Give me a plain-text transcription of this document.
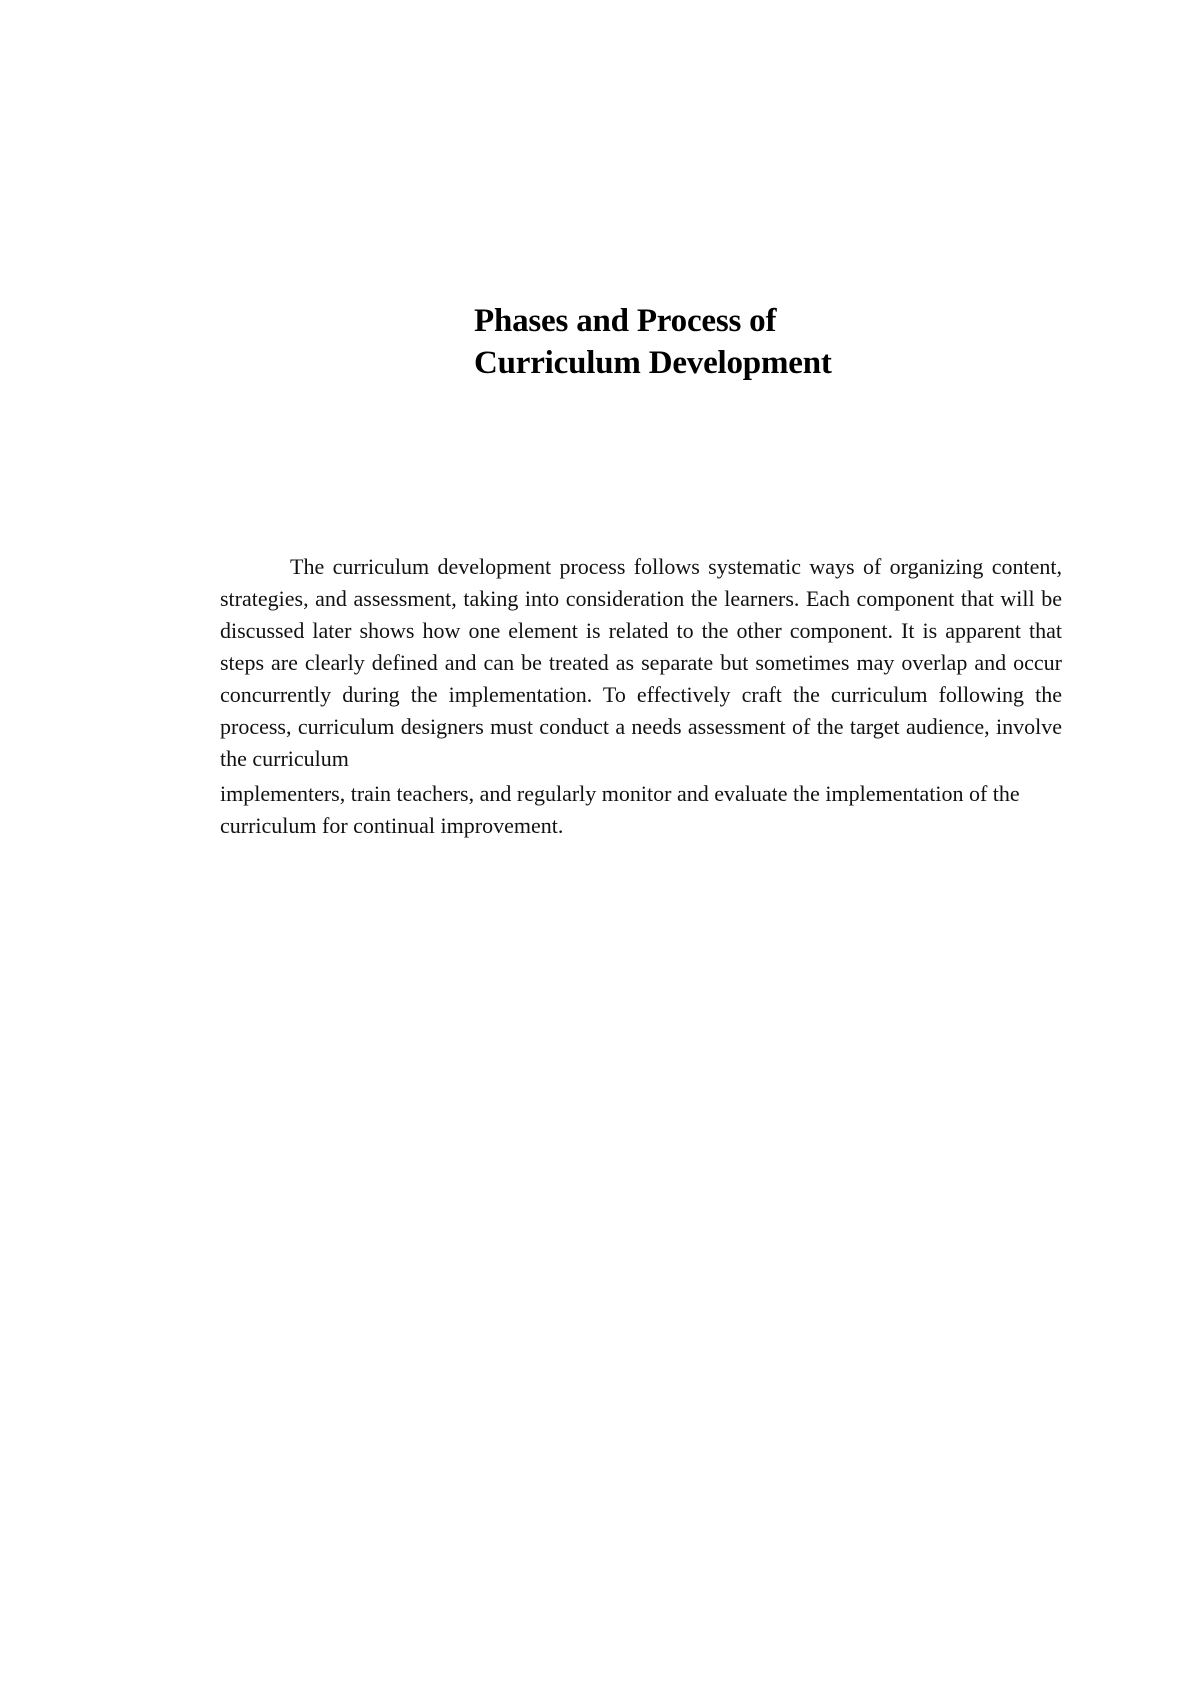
Phases and Process of
Curriculum Development

The curriculum development process follows systematic ways of organizing content, strategies, and assessment, taking into consideration the learners. Each component that will be discussed later shows how one element is related to the other component. It is apparent that steps are clearly defined and can be treated as separate but sometimes may overlap and occur concurrently during the implementation. To effectively craft the curriculum following the process, curriculum designers must conduct a needs assessment of the target audience, involve the curriculum

implementers, train teachers, and regularly monitor and evaluate the implementation of the curriculum for continual improvement.
